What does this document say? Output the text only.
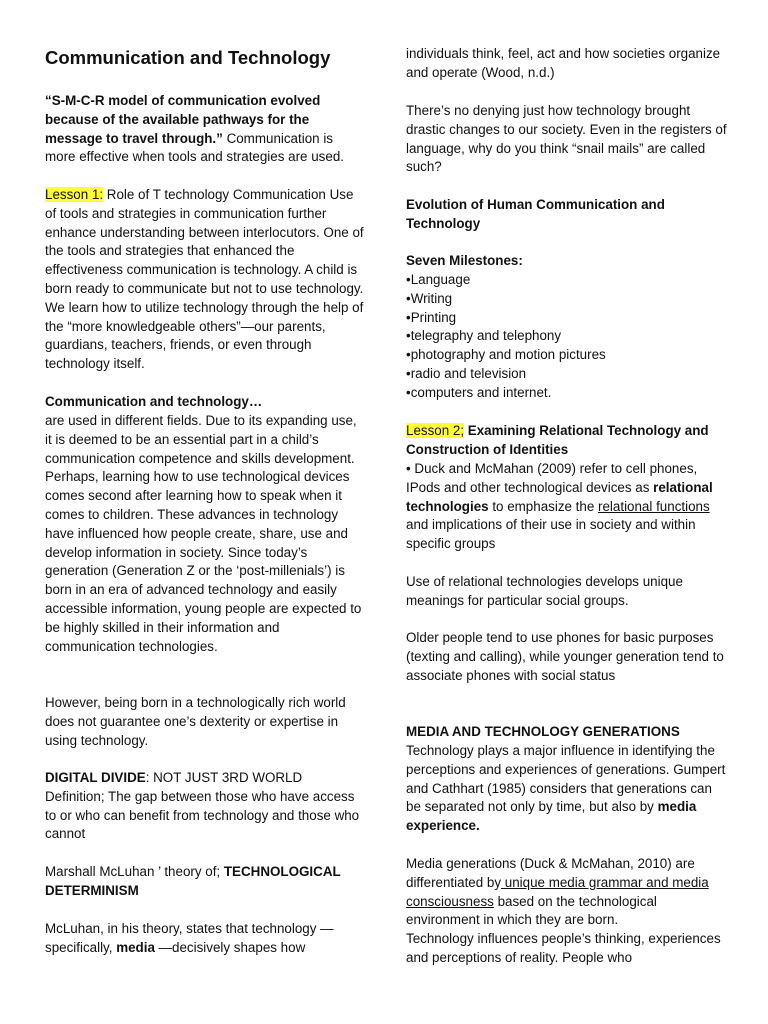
Communication and Technology

“S-M-C-R model of communication evolved because of the available pathways for the message to travel through.” Communication is more effective when tools and strategies are used.

Lesson 1: Role of T technology Communication Use of tools and strategies in communication further enhance understanding between interlocutors. One of the tools and strategies that enhanced the effectiveness communication is technology. A child is born ready to communicate but not to use technology. We learn how to utilize technology through the help of the “more knowledgeable others”—our parents, guardians, teachers, friends, or even through technology itself.

Communication and technology…

are used in different fields. Due to its expanding use, it is deemed to be an essential part in a child’s communication competence and skills development. Perhaps, learning how to use technological devices comes second after learning how to speak when it comes to children. These advances in technology have influenced how people create, share, use and develop information in society. Since today’s generation (Generation Z or the ‘post-millenials’) is born in an era of advanced technology and easily accessible information, young people are expected to be highly skilled in their information and communication technologies.

However, being born in a technologically rich world does not guarantee one’s dexterity or expertise in using technology.

DIGITAL DIVIDE: NOT JUST 3RD WORLD
Definition; The gap between those who have access to or who can benefit from technology and those who cannot

Marshall McLuhan ’ theory of; TECHNOLOGICAL DETERMINISM

McLuhan, in his theory, states that technology —specifically, media —decisively shapes how

individuals think, feel, act and how societies organize and operate (Wood, n.d.)

There’s no denying just how technology brought drastic changes to our society. Even in the registers of language, why do you think “snail mails” are called such?

Evolution of Human Communication and Technology

Seven Milestones:

•Language
•Writing
•Printing
•telegraphy and telephony
•photography and motion pictures
•radio and television
•computers and internet.

Lesson 2; Examining Relational Technology and Construction of Identities

• Duck and McMahan (2009) refer to cell phones, IPods and other technological devices as relational technologies to emphasize the relational functions and implications of their use in society and within specific groups

Use of relational technologies develops unique meanings for particular social groups.

Older people tend to use phones for basic purposes (texting and calling), while younger generation tend to associate phones with social status

MEDIA AND TECHNOLOGY GENERATIONS

Technology plays a major influence in identifying the perceptions and experiences of generations. Gumpert and Cathhart (1985) considers that generations can be separated not only by time, but also by media experience.

Media generations (Duck & McMahan, 2010) are differentiated by unique media grammar and media consciousness based on the technological environment in which they are born.
Technology influences people’s thinking, experiences and perceptions of reality. People who
